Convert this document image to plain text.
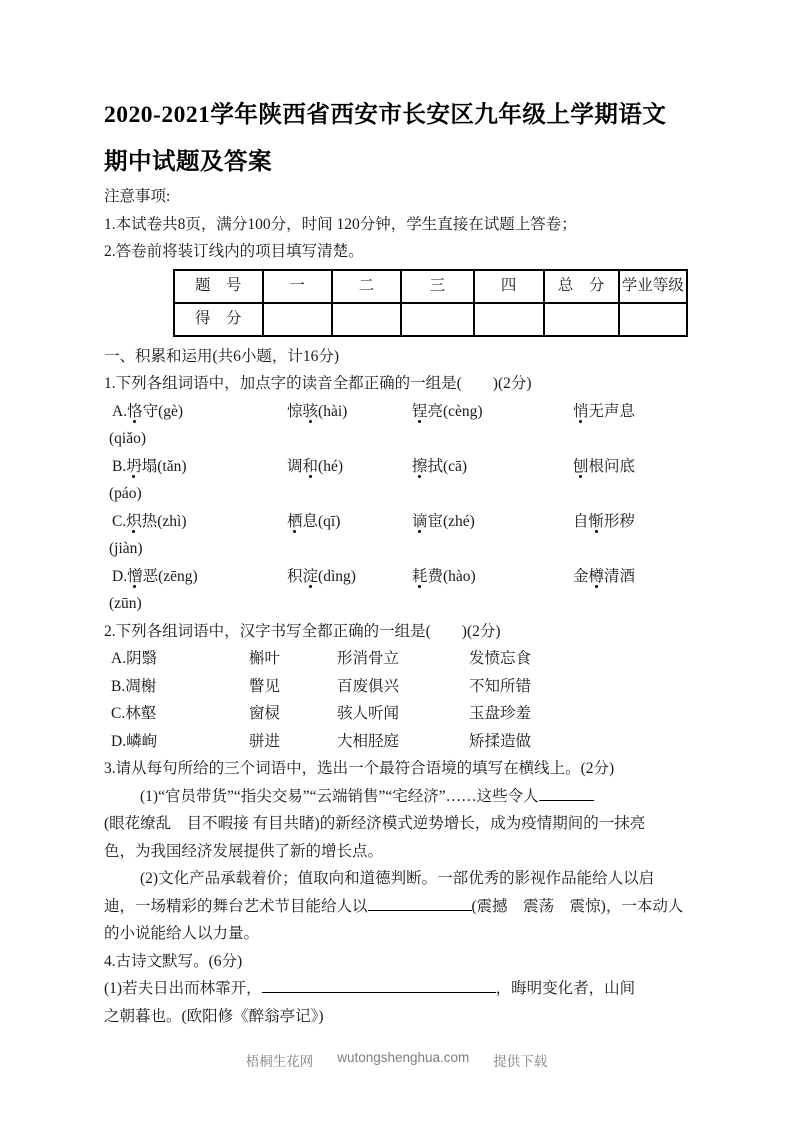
2020-2021学年陕西省西安市长安区九年级上学期语文
期中试题及答案
注意事项:
1.本试卷共8页，满分100分，时间 120分钟，学生直接在试题上答卷；
2.答卷前将装订线内的项目填写清楚。
题　号	一	二	三	四	总　分	学业等级
得　分						
一、积累和运用(共6小题，计16分)
1.下列各组词语中，加点字的读音全都正确的一组是(　　)(2分)
A.恪守(gè)	惊骇(hài)	锃亮(cèng)	悄无声息
(qiǎo)
B.坍塌(tǎn)	调和(hé)	擦拭(cā)	刨根问底
(páo)
C.炽热(zhì)	栖息(qī)	谪宦(zhé)	自惭形秽
(jiàn)
D.憎恶(zēng)	积淀(dìng)	耗费(hào)	金樽清酒
(zūn)
2.下列各组词语中，汉字书写全都正确的一组是(　　)(2分)
A.阴翳	槲叶	形消骨立	发愤忘食
B.凋榭	瞥见	百废俱兴	不知所错
C.林壑	窗棂	骇人听闻	玉盘珍羞
D.嶙峋	骈进	大相胫庭	矫揉造做
3.请从每句所给的三个词语中，选出一个最符合语境的填写在横线上。(2分)
(1)“官员带货”“指尖交易”“云端销售”“宅经济”……这些令人
(眼花缭乱　目不暇接 有目共睹)的新经济模式逆势增长，成为疫情期间的一抹亮
色，为我国经济发展提供了新的增长点。
(2)文化产品承载着价；值取向和道德判断。一部优秀的影视作品能给人以启
迪，一场精彩的舞台艺术节目能给人以	(震撼　震荡　震惊)，一本动人
的小说能给人以力量。
4.古诗文默写。(6分)
(1)若夫日出而林霏开，	，晦明变化者，山间
之朝暮也。(欧阳修《醉翁亭记》)
梧桐生花网 wutongshenghua.com 提供下载
